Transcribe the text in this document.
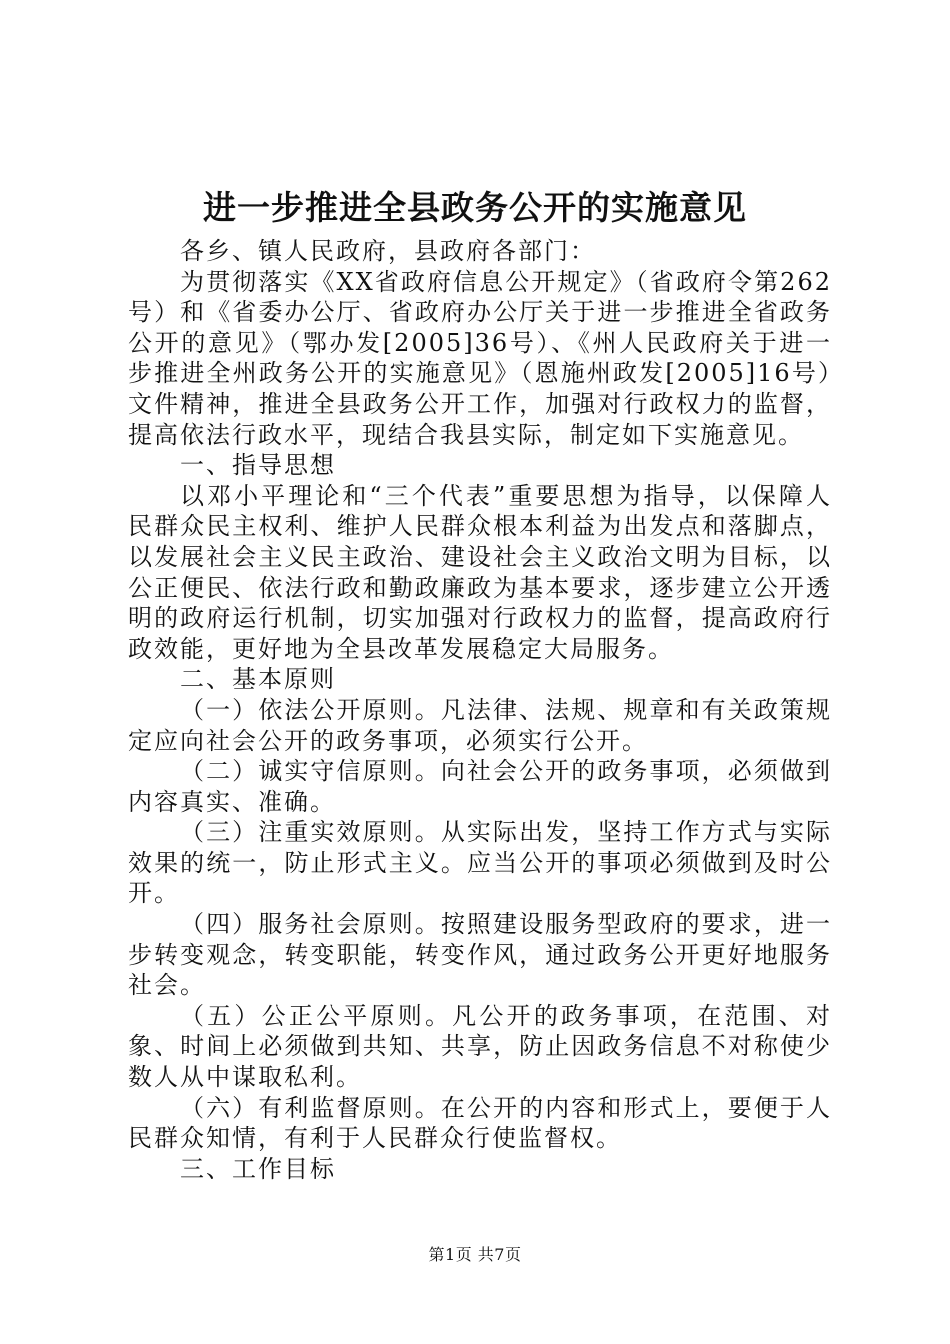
进一步推进全县政务公开的实施意见

各乡、镇人民政府，县政府各部门：

为贯彻落实《XX省政府信息公开规定》（省政府令第262号）和《省委办公厅、省政府办公厅关于进一步推进全省政务公开的意见》（鄂办发[2005]36号）、《州人民政府关于进一步推进全州政务公开的实施意见》（恩施州政发[2005]16号）文件精神，推进全县政务公开工作，加强对行政权力的监督，提高依法行政水平，现结合我县实际，制定如下实施意见。

一、指导思想

以邓小平理论和“三个代表”重要思想为指导，以保障人民群众民主权利、维护人民群众根本利益为出发点和落脚点，以发展社会主义民主政治、建设社会主义政治文明为目标，以公正便民、依法行政和勤政廉政为基本要求，逐步建立公开透明的政府运行机制，切实加强对行政权力的监督，提高政府行政效能，更好地为全县改革发展稳定大局服务。

二、基本原则

（一）依法公开原则。凡法律、法规、规章和有关政策规定应向社会公开的政务事项，必须实行公开。

（二）诚实守信原则。向社会公开的政务事项，必须做到内容真实、准确。

（三）注重实效原则。从实际出发，坚持工作方式与实际效果的统一，防止形式主义。应当公开的事项必须做到及时公开。

（四）服务社会原则。按照建设服务型政府的要求，进一步转变观念，转变职能，转变作风，通过政务公开更好地服务社会。

（五）公正公平原则。凡公开的政务事项，在范围、对象、时间上必须做到共知、共享，防止因政务信息不对称使少数人从中谋取私利。

（六）有利监督原则。在公开的内容和形式上，要便于人民群众知情，有利于人民群众行使监督权。

三、工作目标

第1页 共7页
